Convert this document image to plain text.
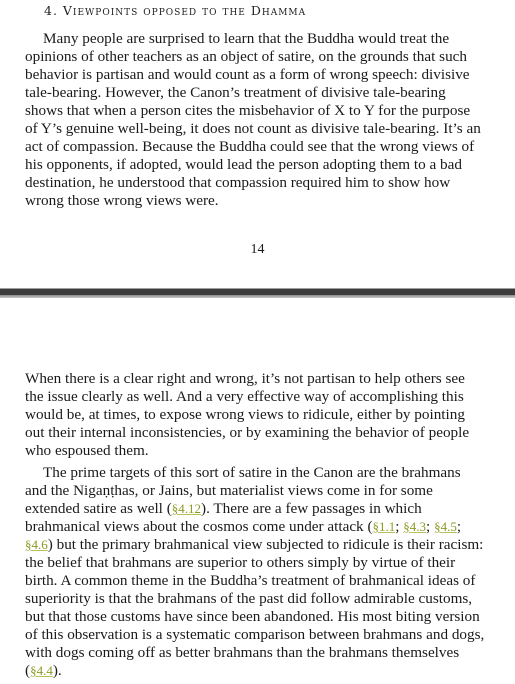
4. Viewpoints opposed to the Dhamma

Many people are surprised to learn that the Buddha would treat the opinions of other teachers as an object of satire, on the grounds that such behavior is partisan and would count as a form of wrong speech: divisive tale-bearing. However, the Canon’s treatment of divisive tale-bearing shows that when a person cites the misbehavior of X to Y for the purpose of Y’s genuine well-being, it does not count as divisive tale-bearing. It’s an act of compassion. Because the Buddha could see that the wrong views of his opponents, if adopted, would lead the person adopting them to a bad destination, he understood that compassion required him to show how wrong those wrong views were.

14

When there is a clear right and wrong, it’s not partisan to help others see the issue clearly as well. And a very effective way of accomplishing this would be, at times, to expose wrong views to ridicule, either by pointing out their internal inconsistencies, or by examining the behavior of people who espoused them.

The prime targets of this sort of satire in the Canon are the brahmans and the Nigaṇṭhas, or Jains, but materialist views come in for some extended satire as well (§4.12). There are a few passages in which brahmanical views about the cosmos come under attack (§1.1; §4.3; §4.5; §4.6) but the primary brahmanical view subjected to ridicule is their racism: the belief that brahmans are superior to others simply by virtue of their birth. A common theme in the Buddha’s treatment of brahmanical ideas of superiority is that the brahmans of the past did follow admirable customs, but that those customs have since been abandoned. His most biting version of this observation is a systematic comparison between brahmans and dogs, with dogs coming off as better brahmans than the brahmans themselves (§4.4).
